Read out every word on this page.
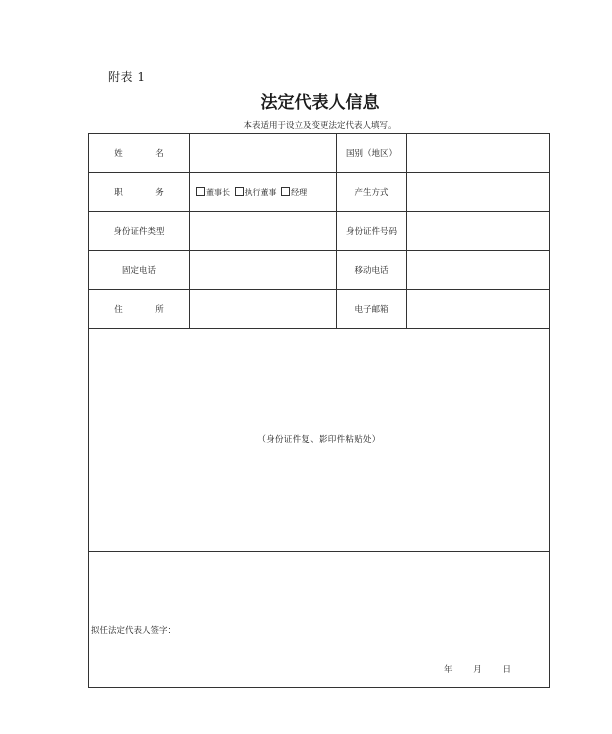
附表 1
法定代表人信息
本表适用于设立及变更法定代表人填写。
姓　名		国别（地区）	
职　务	董事长 执行董事 经理	产生方式	
身份证件类型		身份证件号码	
固定电话		移动电话	
住　所		电子邮箱	
（身份证件复、影印件粘贴处）			

拟任法定代表人签字：
年 月 日			
